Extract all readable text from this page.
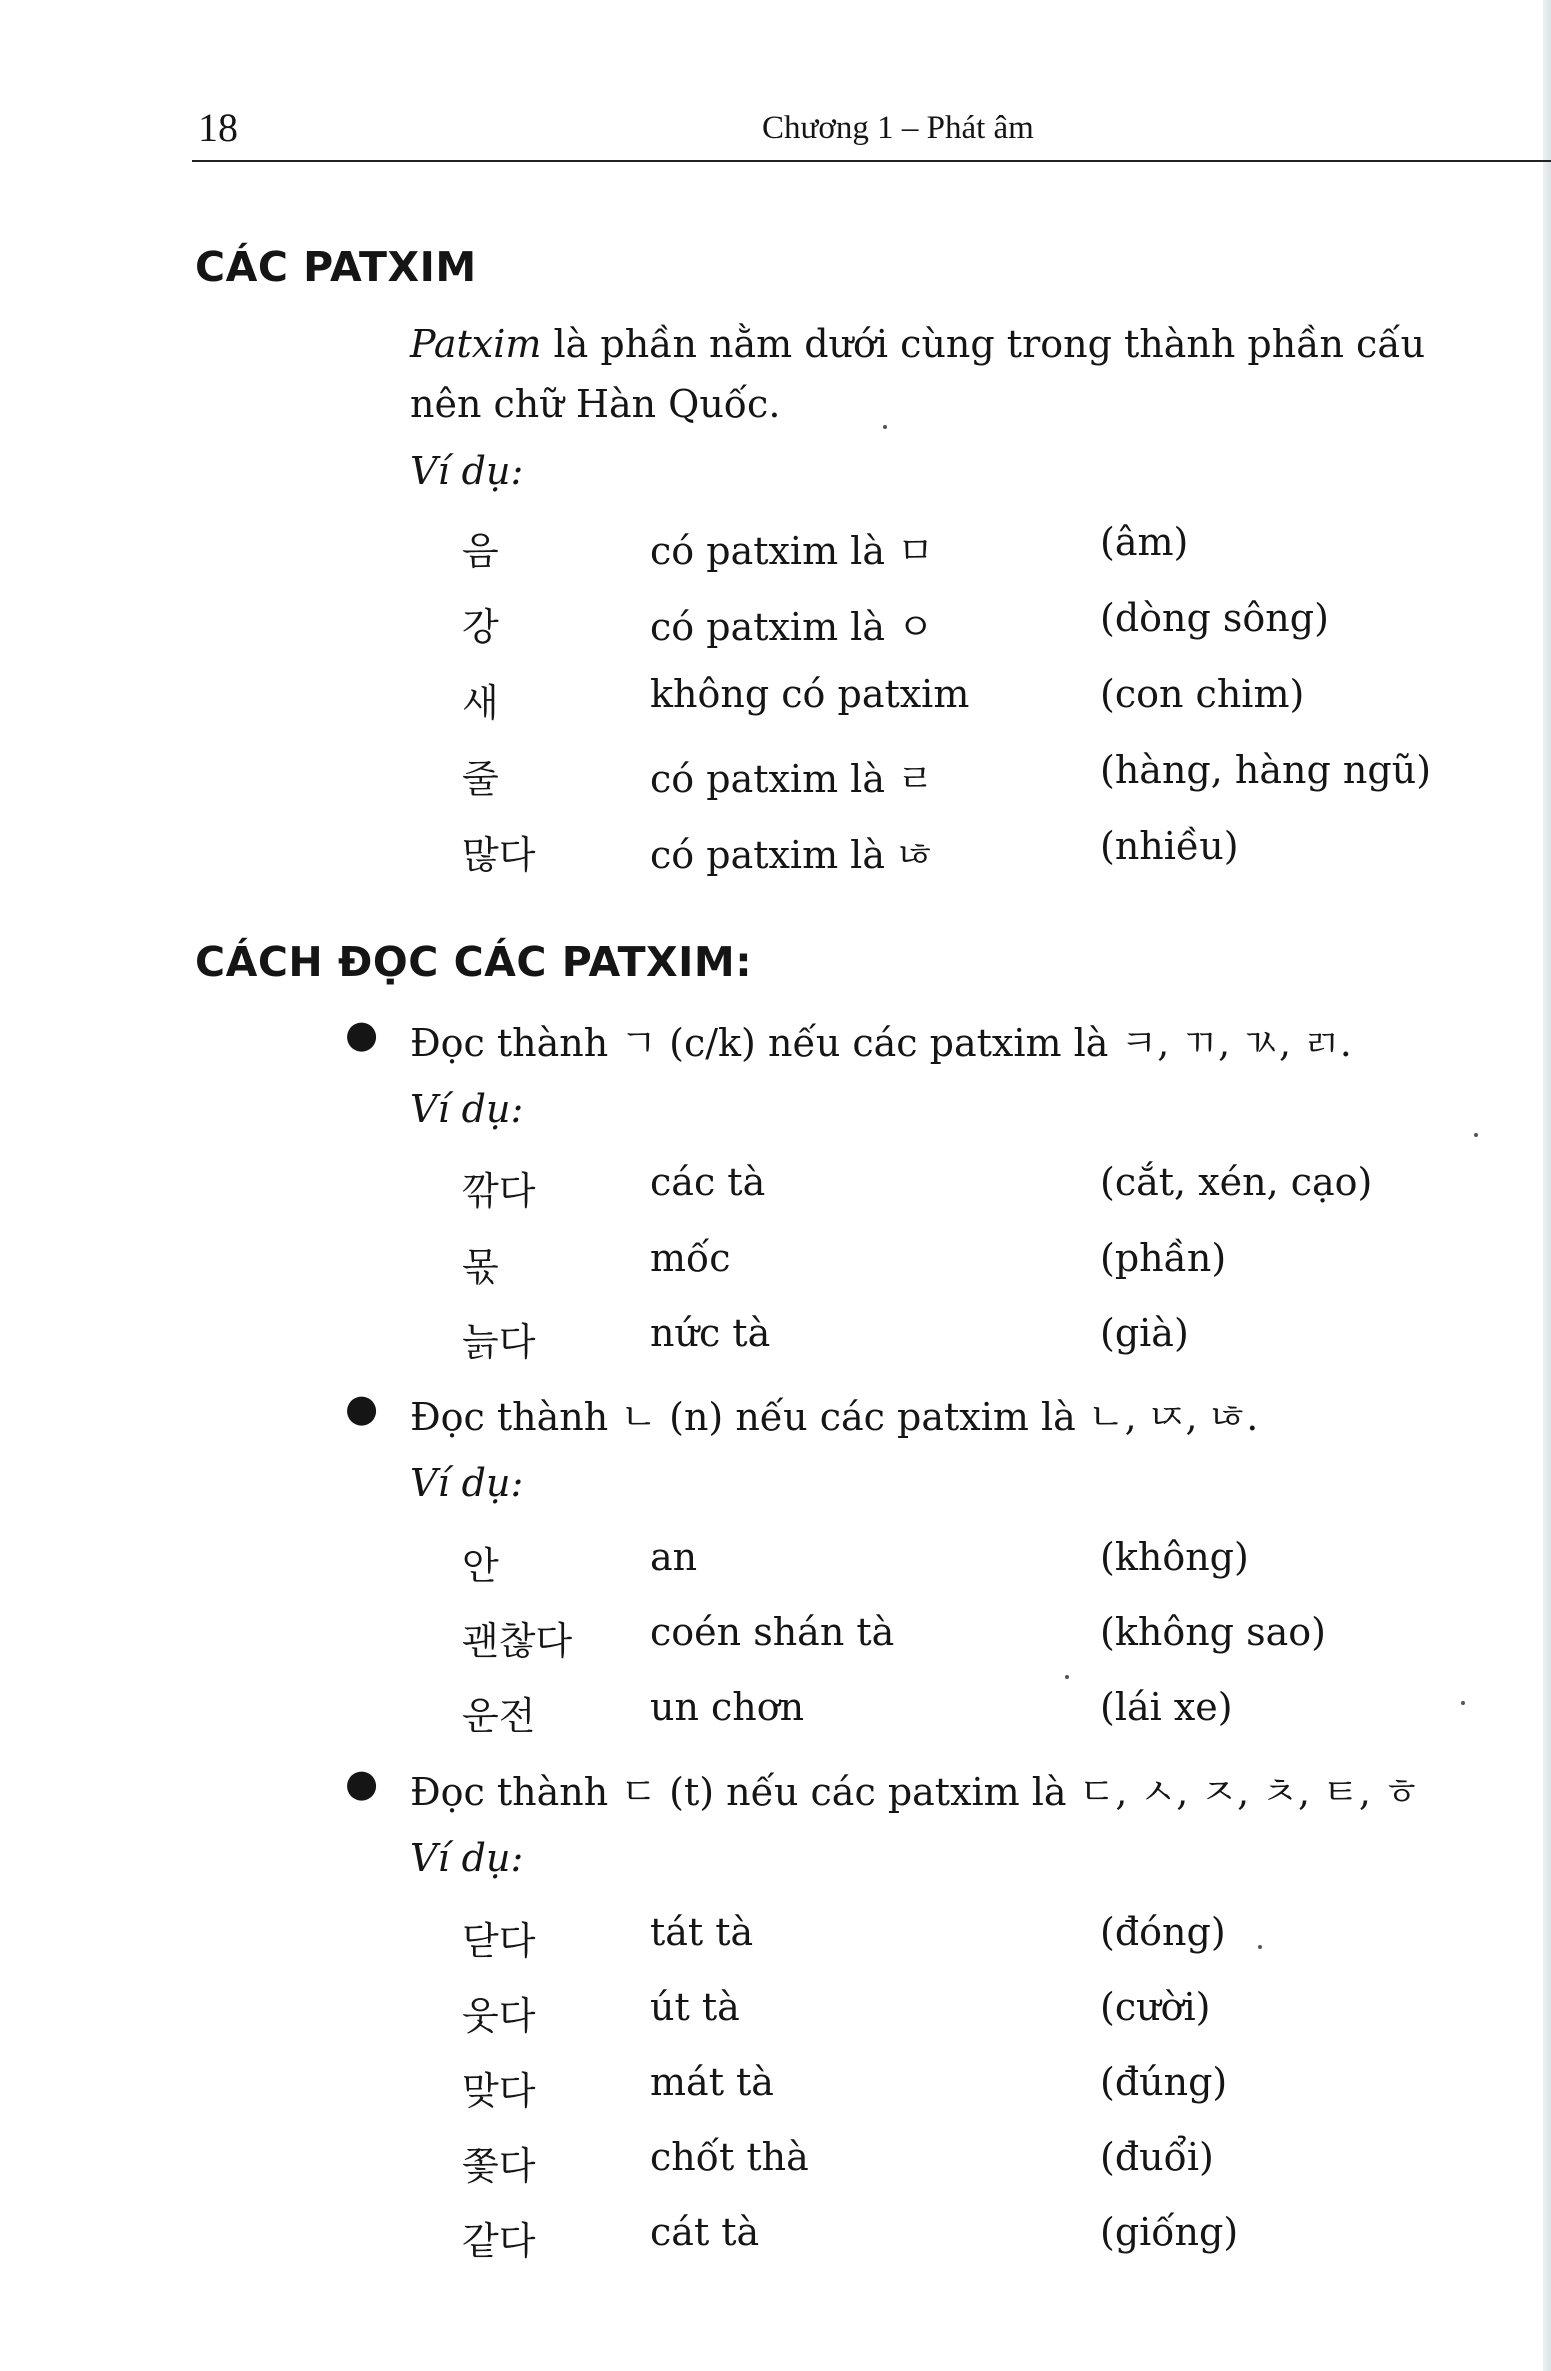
18	Chương 1 – Phát âm
CÁC PATXIM
Patxim là phần nằm dưới cùng trong thành phần cấu
nên chữ Hàn Quốc.
Ví dụ:
음	có patxim là ㅁ	(âm)
강	có patxim là ㅇ	(dòng sông)
새	không có patxim	(con chim)
줄	có patxim là ㄹ	(hàng, hàng ngũ)
많다	có patxim là ㄶ	(nhiều)
CÁCH ĐỌC CÁC PATXIM:
● Đọc thành ㄱ (c/k) nếu các patxim là ㅋ, ㄲ, ㄳ, ㄺ.
Ví dụ:
깎다	các tà	(cắt, xén, cạo)
몫	mốc	(phần)
늙다	nức tà	(già)
● Đọc thành ㄴ (n) nếu các patxim là ㄴ, ㄵ, ㄶ.
Ví dụ:
안	an	(không)
괜찮다 coén shán tà	(không sao)
운전	un chơn	(lái xe)
● Đọc thành ㄷ (t) nếu các patxim là ㄷ, ㅅ, ㅈ, ㅊ, ㅌ, ㅎ
Ví dụ:
닫다	tát tà	(đóng)
웃다	út tà	(cười)
맞다	mát tà	(đúng)
쫓다	chốt thà	(đuổi)
같다	cát tà	(giống)
